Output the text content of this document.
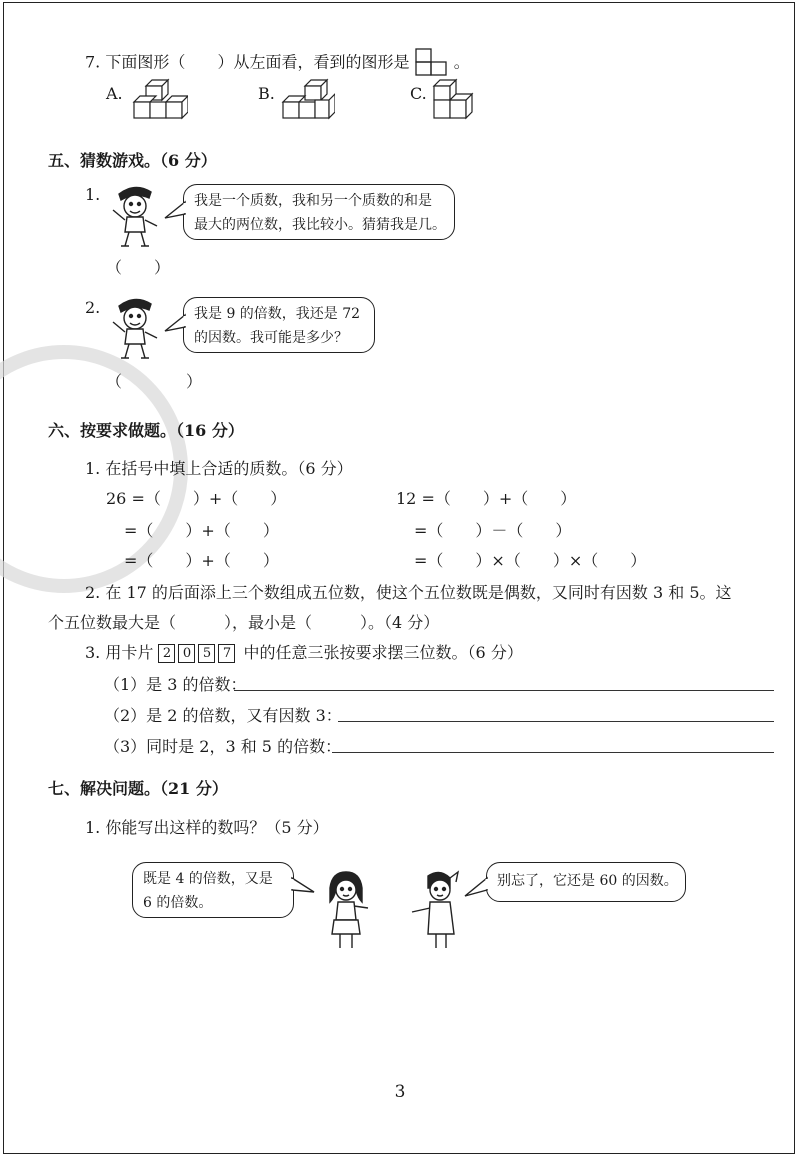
7. 下面图形（ ）从左面看，看到的图形是	。
A.	B.	C.
五、猜数游戏。（6 分）
1.	我是一个质数，我和另一个质数的和是
最大的两位数，我比较小。猜猜我是几。
（　　）
2.	我是 9 的倍数，我还是 72
的因数。我可能是多少？
（　　　　）
六、按要求做题。（16 分）
1. 在括号中填上合适的质数。（6 分）
26 =（　　）+（　　）
=（　　）+（　　）
=（　　）+（　　）
12 =（　　）+（　　）
=（　　）－（　　）
=（　　）×（　　）×（　　）
2. 在 17 的后面添上三个数组成五位数，使这个五位数既是偶数，又同时有因数 3 和 5。这
个五位数最大是（　　　），最小是（　　　）。（4 分）
3. 用卡片 2 0 5 7 中的任意三张按要求摆三位数。（6 分）
（1）是 3 的倍数：
（2）是 2 的倍数，又有因数 3：
（3）同时是 2，3 和 5 的倍数：
七、解决问题。（21 分）
1. 你能写出这样的数吗？（5 分）
既是 4 的倍数，又是
6 的倍数。
别忘了，它还是 60 的因数。
3
